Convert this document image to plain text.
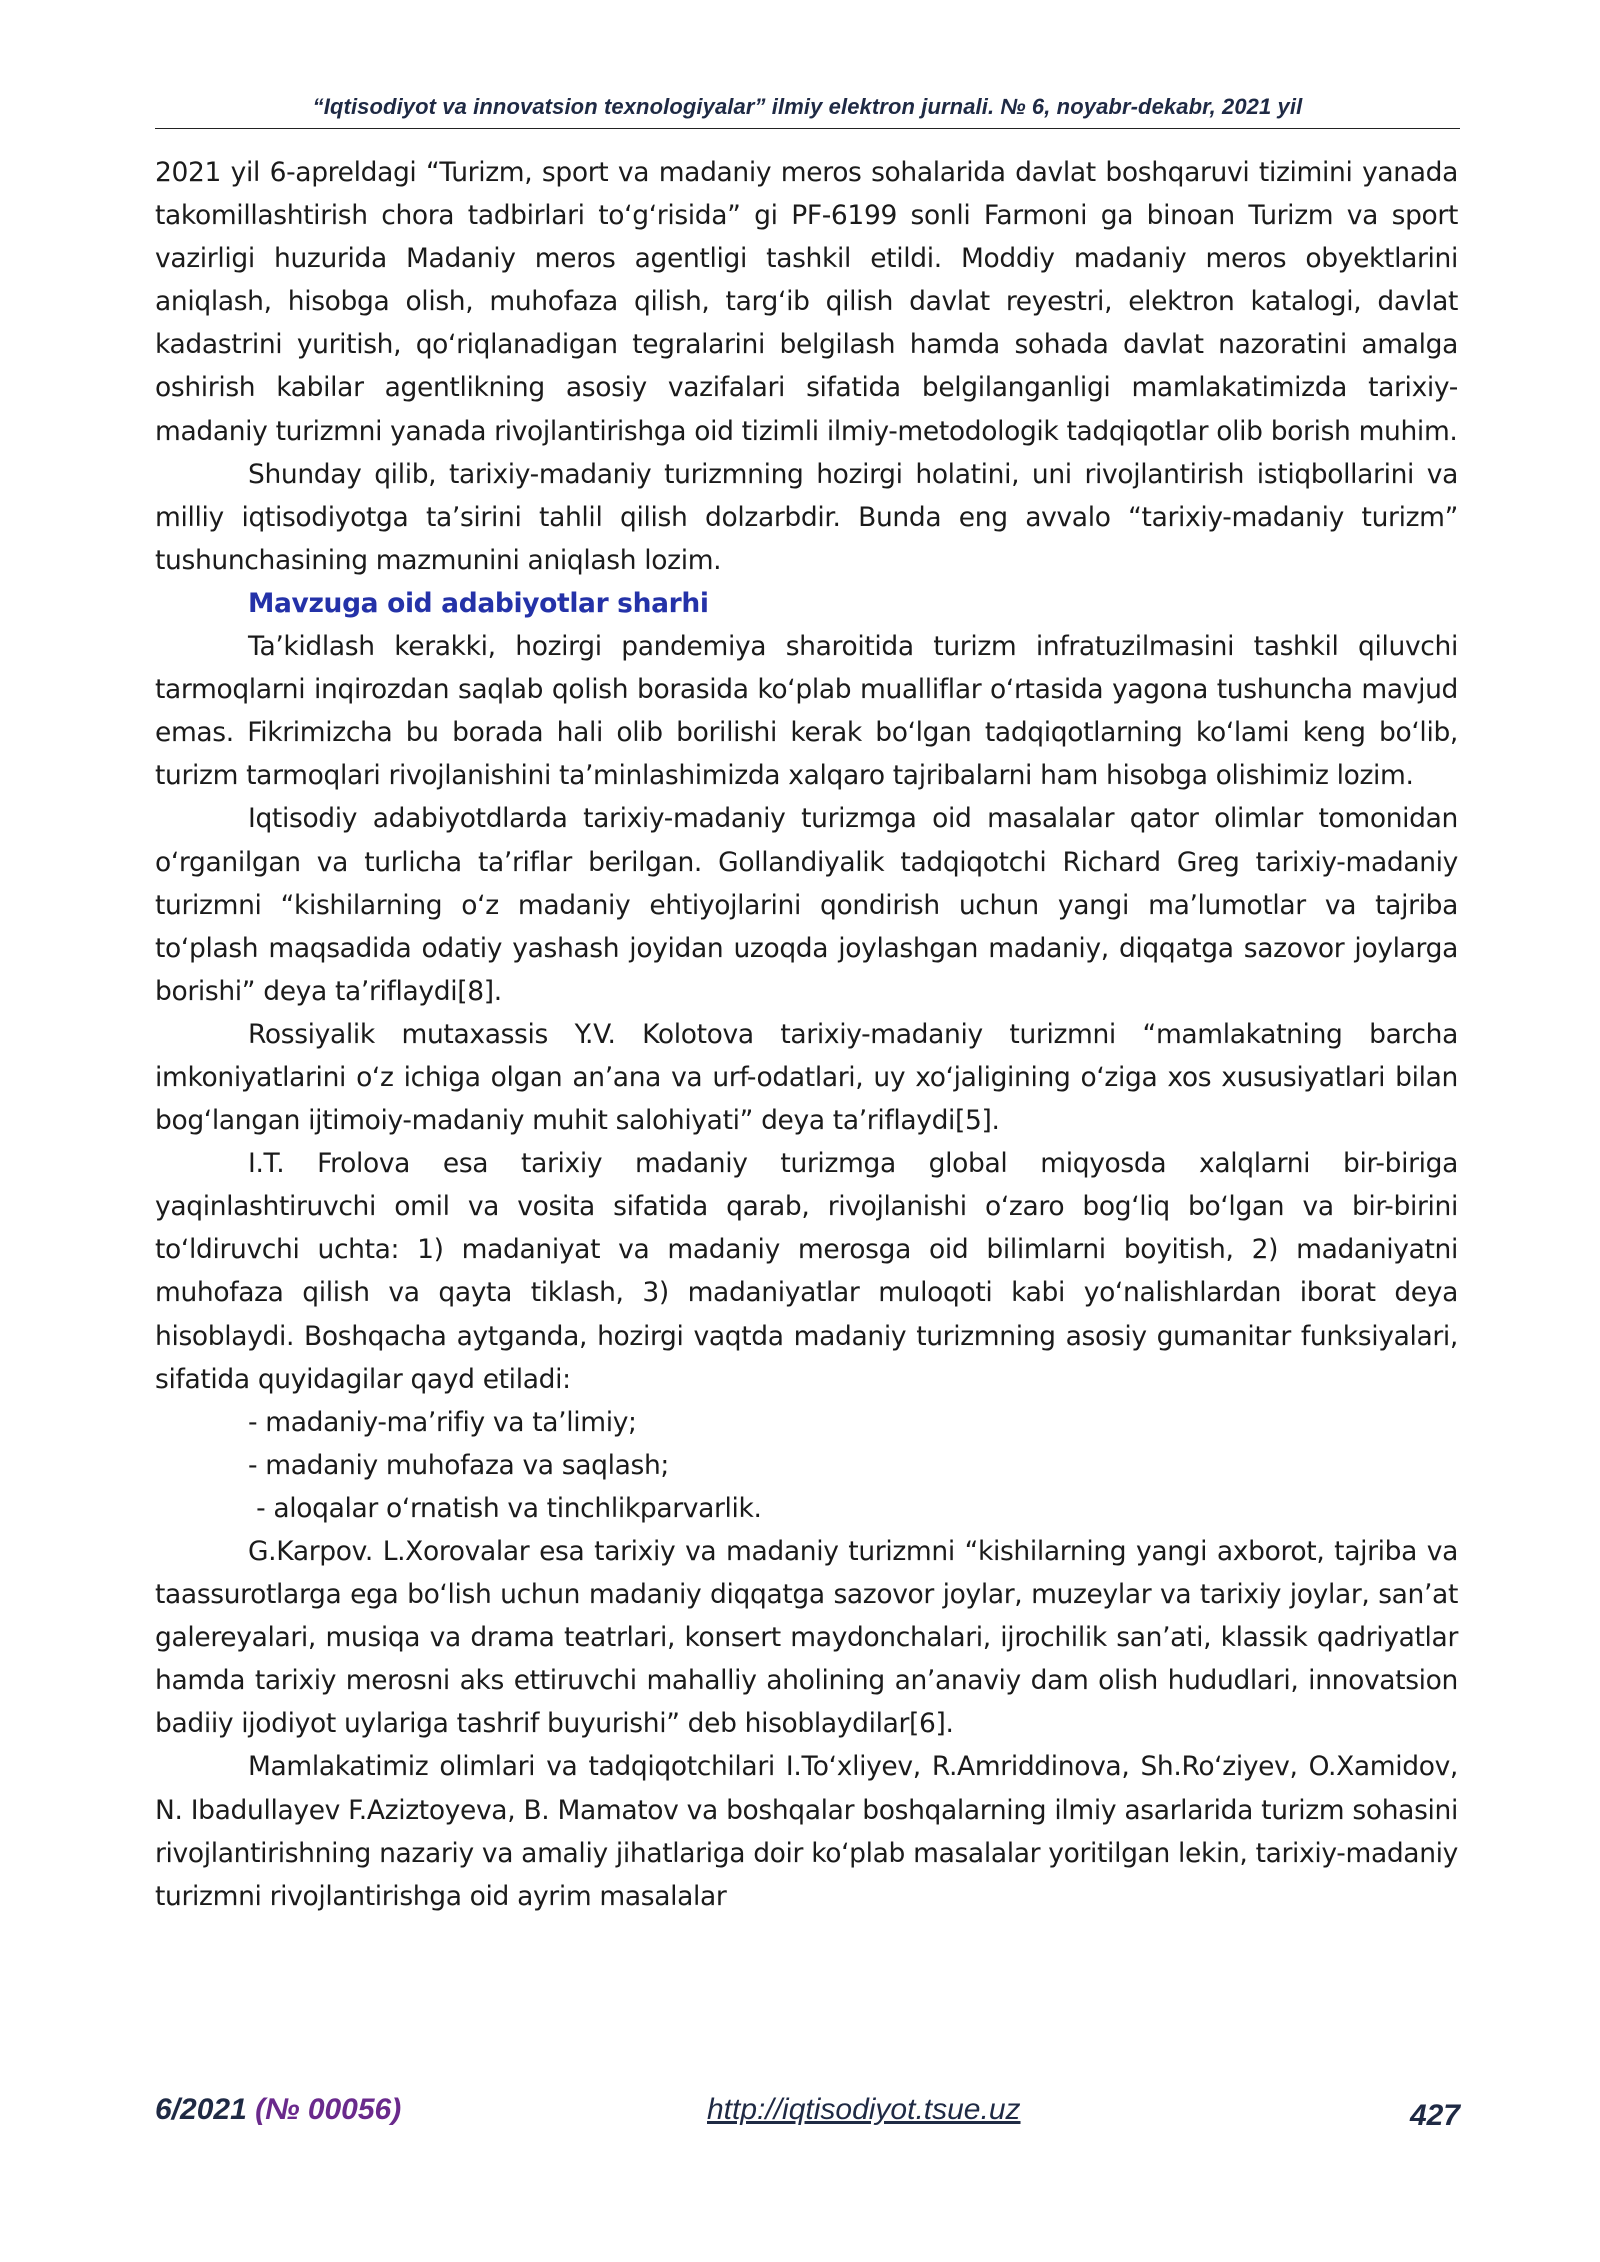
“Iqtisodiyot va innovatsion texnologiyalar” ilmiy elektron jurnali. № 6, noyabr-dekabr, 2021 yil

2021 yil 6-apreldagi “Turizm, sport va madaniy meros sohalarida davlat boshqaruvi tizimini yanada takomillashtirish chora tadbirlari toʻgʻrisida” gi PF-6199 sonli Farmoni ga binoan Turizm va sport vazirligi huzurida Madaniy meros agentligi tashkil etildi. Moddiy madaniy meros obyektlarini aniqlash, hisobga olish, muhofaza qilish, targʻib qilish davlat reyestri, elektron katalogi, davlat kadastrini yuritish, qoʻriqlanadigan tegralarini belgilash hamda sohada davlat nazoratini amalga oshirish kabilar agentlikning asosiy vazifalari sifatida belgilanganligi mamlakatimizda tarixiy-madaniy turizmni yanada rivojlantirishga oid tizimli ilmiy-metodologik tadqiqotlar olib borish muhim.

Shunday qilib, tarixiy-madaniy turizmning hozirgi holatini, uni rivojlantirish istiqbollarini va milliy iqtisodiyotga taʼsirini tahlil qilish dolzarbdir. Bunda eng avvalo “tarixiy-madaniy turizm” tushunchasining mazmunini aniqlash lozim.

Mavzuga oid adabiyotlar sharhi

Taʼkidlash kerakki, hozirgi pandemiya sharoitida turizm infratuzilmasini tashkil qiluvchi tarmoqlarni inqirozdan saqlab qolish borasida koʻplab mualliflar oʻrtasida yagona tushuncha mavjud emas. Fikrimizcha bu borada hali olib borilishi kerak boʻlgan tadqiqotlarning koʻlami keng boʻlib, turizm tarmoqlari rivojlanishini taʼminlashimizda xalqaro tajribalarni ham hisobga olishimiz lozim.

Iqtisodiy adabiyotdlarda tarixiy-madaniy turizmga oid masalalar qator olimlar tomonidan oʻrganilgan va turlicha taʼriflar berilgan. Gollandiyalik tadqiqotchi Richard Greg tarixiy-madaniy turizmni “kishilarning oʻz madaniy ehtiyojlarini qondirish uchun yangi maʼlumotlar va tajriba toʻplash maqsadida odatiy yashash joyidan uzoqda joylashgan madaniy, diqqatga sazovor joylarga borishi” deya taʼriflaydi[8].

Rossiyalik mutaxassis Y.V. Kolotova tarixiy-madaniy turizmni “mamlakatning barcha imkoniyatlarini oʻz ichiga olgan anʼana va urf-odatlari, uy xoʻjaligining oʻziga xos xususiyatlari bilan bogʻlangan ijtimoiy-madaniy muhit salohiyati” deya taʼriflaydi[5].

I.T. Frolova esa tarixiy madaniy turizmga global miqyosda xalqlarni bir-biriga yaqinlashtiruvchi omil va vosita sifatida qarab, rivojlanishi oʻzaro bogʻliq boʻlgan va bir-birini toʻldiruvchi uchta: 1) madaniyat va madaniy merosga oid bilimlarni boyitish, 2) madaniyatni muhofaza qilish va qayta tiklash, 3) madaniyatlar muloqoti kabi yoʻnalishlardan iborat deya hisoblaydi. Boshqacha aytganda, hozirgi vaqtda madaniy turizmning asosiy gumanitar funksiyalari, sifatida quyidagilar qayd etiladi:

- madaniy-maʼrifiy va taʼlimiy;
- madaniy muhofaza va saqlash;
- aloqalar oʻrnatish va tinchlikparvarlik.

G.Karpov. L.Xorovalar esa tarixiy va madaniy turizmni “kishilarning yangi axborot, tajriba va taassurotlarga ega boʻlish uchun madaniy diqqatga sazovor joylar, muzeylar va tarixiy joylar, sanʼat galereyalari, musiqa va drama teatrlari, konsert maydonchalari, ijrochilik sanʼati, klassik qadriyatlar hamda tarixiy merosni aks ettiruvchi mahalliy aholining anʼanaviy dam olish hududlari, innovatsion badiiy ijodiyot uylariga tashrif buyurishi” deb hisoblaydilar[6].

Mamlakatimiz olimlari va tadqiqotchilari I.Toʻxliyev, R.Amriddinova, Sh.Roʻziyev, O.Xamidov, N. Ibadullayev F.Aziztoyeva, B. Mamatov va boshqalar boshqalarning ilmiy asarlarida turizm sohasini rivojlantirishning nazariy va amaliy jihatlariga doir koʻplab masalalar yoritilgan lekin, tarixiy-madaniy turizmni rivojlantirishga oid ayrim masalalar

6/2021 (№ 00056)	http://iqtisodiyot.tsue.uz	427
